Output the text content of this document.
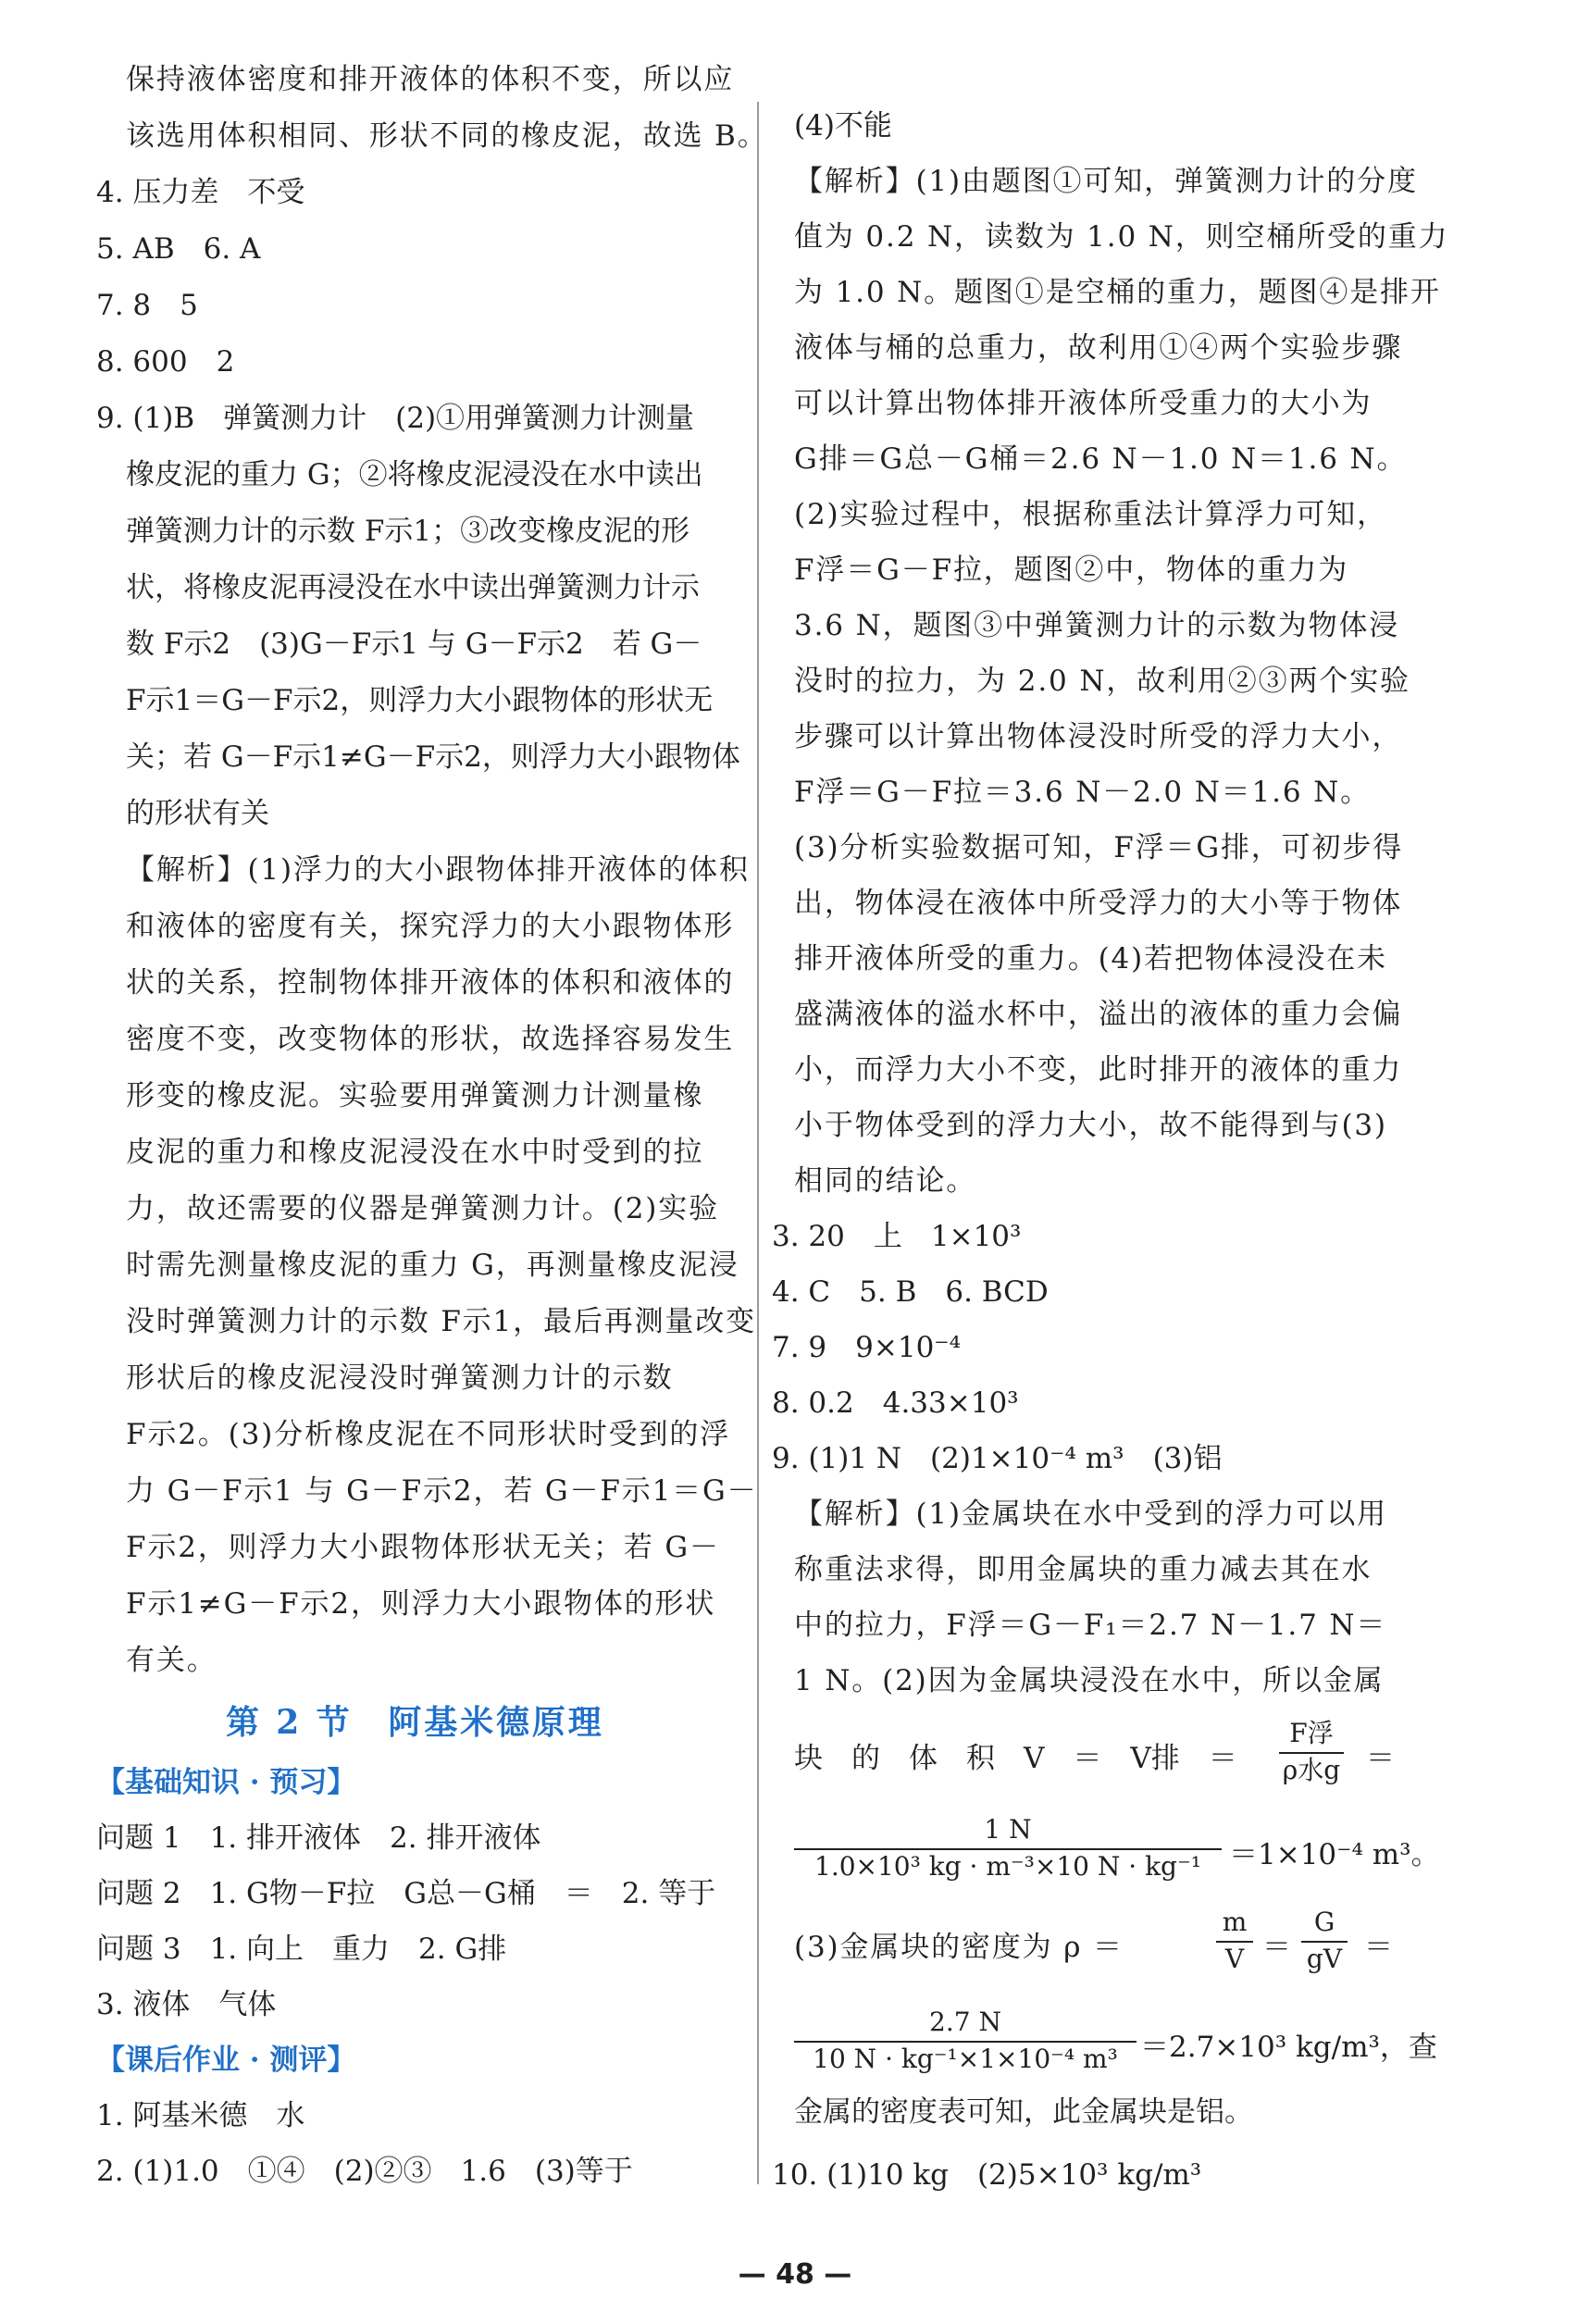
保持液体密度和排开液体的体积不变，所以应
该选用体积相同、形状不同的橡皮泥，故选 B。
4. 压力差　不受
5. AB　6. A
7. 8　5
8. 600　2
9. (1)B　弹簧测力计　(2)①用弹簧测力计测量
橡皮泥的重力 G；②将橡皮泥浸没在水中读出
弹簧测力计的示数 F示1；③改变橡皮泥的形
状，将橡皮泥再浸没在水中读出弹簧测力计示
数 F示2　(3)G－F示1 与 G－F示2　若 G－
F示1＝G－F示2，则浮力大小跟物体的形状无
关；若 G－F示1≠G－F示2，则浮力大小跟物体
的形状有关
【解析】(1)浮力的大小跟物体排开液体的体积
和液体的密度有关，探究浮力的大小跟物体形
状的关系，控制物体排开液体的体积和液体的
密度不变，改变物体的形状，故选择容易发生
形变的橡皮泥。实验要用弹簧测力计测量橡
皮泥的重力和橡皮泥浸没在水中时受到的拉
力，故还需要的仪器是弹簧测力计。(2)实验
时需先测量橡皮泥的重力 G，再测量橡皮泥浸
没时弹簧测力计的示数 F示1，最后再测量改变
形状后的橡皮泥浸没时弹簧测力计的示数
F示2。(3)分析橡皮泥在不同形状时受到的浮
力 G－F示1 与 G－F示2，若 G－F示1＝G－
F示2，则浮力大小跟物体形状无关；若 G－
F示1≠G－F示2，则浮力大小跟物体的形状
有关。
第 2 节　阿基米德原理
【基础知识 · 预习】
问题 1　1. 排开液体　2. 排开液体
问题 2　1. G物－F拉　G总－G桶　＝　2. 等于
问题 3　1. 向上　重力　2. G排
3. 液体　气体
【课后作业 · 测评】
1. 阿基米德　水
2. (1)1.0　①④　(2)②③　1.6　(3)等于
(4)不能
【解析】(1)由题图①可知，弹簧测力计的分度
值为 0.2 N，读数为 1.0 N，则空桶所受的重力
为 1.0 N。题图①是空桶的重力，题图④是排开
液体与桶的总重力，故利用①④两个实验步骤
可以计算出物体排开液体所受重力的大小为
G排＝G总－G桶＝2.6 N－1.0 N＝1.6 N。
(2)实验过程中，根据称重法计算浮力可知，
F浮＝G－F拉，题图②中，物体的重力为
3.6 N，题图③中弹簧测力计的示数为物体浸
没时的拉力，为 2.0 N，故利用②③两个实验
步骤可以计算出物体浸没时所受的浮力大小，
F浮＝G－F拉＝3.6 N－2.0 N＝1.6 N。
(3)分析实验数据可知，F浮＝G排，可初步得
出，物体浸在液体中所受浮力的大小等于物体
排开液体所受的重力。(4)若把物体浸没在未
盛满液体的溢水杯中，溢出的液体的重力会偏
小，而浮力大小不变，此时排开的液体的重力
小于物体受到的浮力大小，故不能得到与(3)
相同的结论。
3. 20　上　1×10³
4. C　5. B　6. BCD
7. 9　9×10⁻⁴
8. 0.2　4.33×10³
9. (1)1 N　(2)1×10⁻⁴ m³　(3)铝
【解析】(1)金属块在水中受到的浮力可以用
称重法求得，即用金属块的重力减去其在水
中的拉力，F浮＝G－F₁＝2.7 N－1.7 N＝
1 N。(2)因为金属块浸没在水中，所以金属
块　的　体　积　V　＝　V排　＝
F浮
ρ水g ＝
1 N
1.0×10³ kg · m⁻³×10 N · kg⁻¹ ＝1×10⁻⁴ m³。
(3)金属块的密度为 ρ ＝
m
V ＝
G
gV ＝
2.7 N
10 N · kg⁻¹×1×10⁻⁴ m³ ＝2.7×10³ kg/m³，查
金属的密度表可知，此金属块是铝。
10. (1)10 kg　(2)5×10³ kg/m³
— 48 —
